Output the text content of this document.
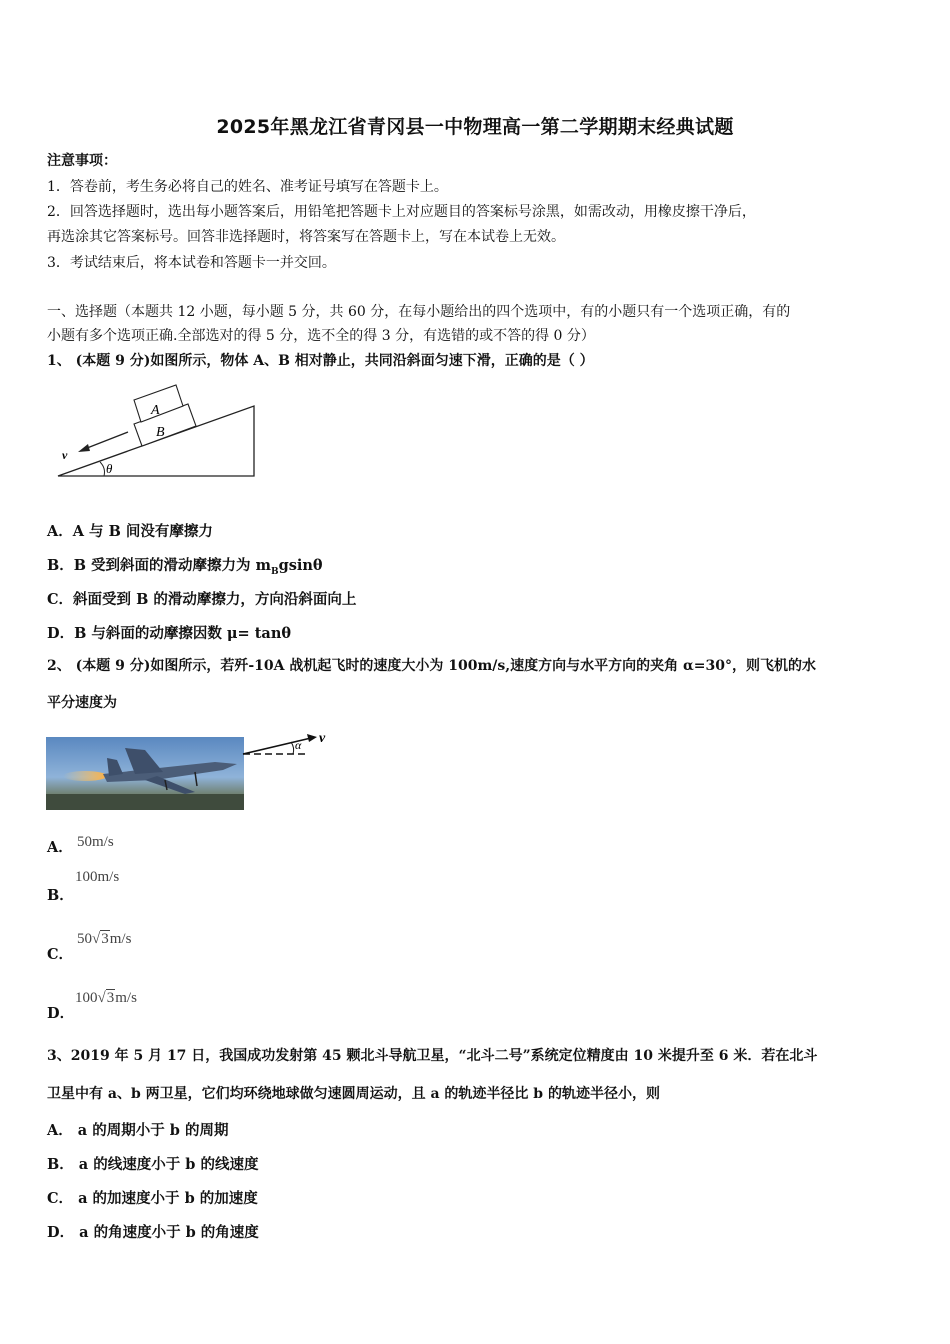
2025年黑龙江省青冈县一中物理高一第二学期期末经典试题
注意事项：
1．答卷前，考生务必将自己的姓名、准考证号填写在答题卡上。
2．回答选择题时，选出每小题答案后，用铅笔把答题卡上对应题目的答案标号涂黑，如需改动，用橡皮擦干净后，
再选涂其它答案标号。回答非选择题时，将答案写在答题卡上，写在本试卷上无效。
3．考试结束后，将本试卷和答题卡一并交回。
一、选择题（本题共 12 小题，每小题 5 分，共 60 分，在每小题给出的四个选项中，有的小题只有一个选项正确，有的
小题有多个选项正确.全部选对的得 5 分，选不全的得 3 分，有选错的或不答的得 0 分）
1、 (本题 9 分)如图所示，物体 A、B 相对静止，共同沿斜面匀速下滑，正确的是（ ）
A
B
v
θ
A．A 与 B 间没有摩擦力
B．B 受到斜面的滑动摩擦力为 $m_Bgsin\theta$
C．斜面受到 B 的滑动摩擦力，方向沿斜面向上
D．B 与斜面的动摩擦因数 μ= tanθ
2、 (本题 9 分)如图所示，若歼-10A 战机起飞时的速度大小为 100m/s,速度方向与水平方向的夹角 α=30°，则飞机的水
平分速度为
α v
A． 50m/s
B．
100m/s
C．
50√3m/s
D．
100√3m/s
3、2019 年 5 月 17 日，我国成功发射第 45 颗北斗导航卫星，“北斗二号”系统定位精度由 10 米提升至 6 米．若在北斗
卫星中有 a、b 两卫星，它们均环绕地球做匀速圆周运动，且 a 的轨迹半径比 b 的轨迹半径小，则
A． a 的周期小于 b 的周期
B． a 的线速度小于 b 的线速度
C． a 的加速度小于 b 的加速度
D． a 的角速度小于 b 的角速度
